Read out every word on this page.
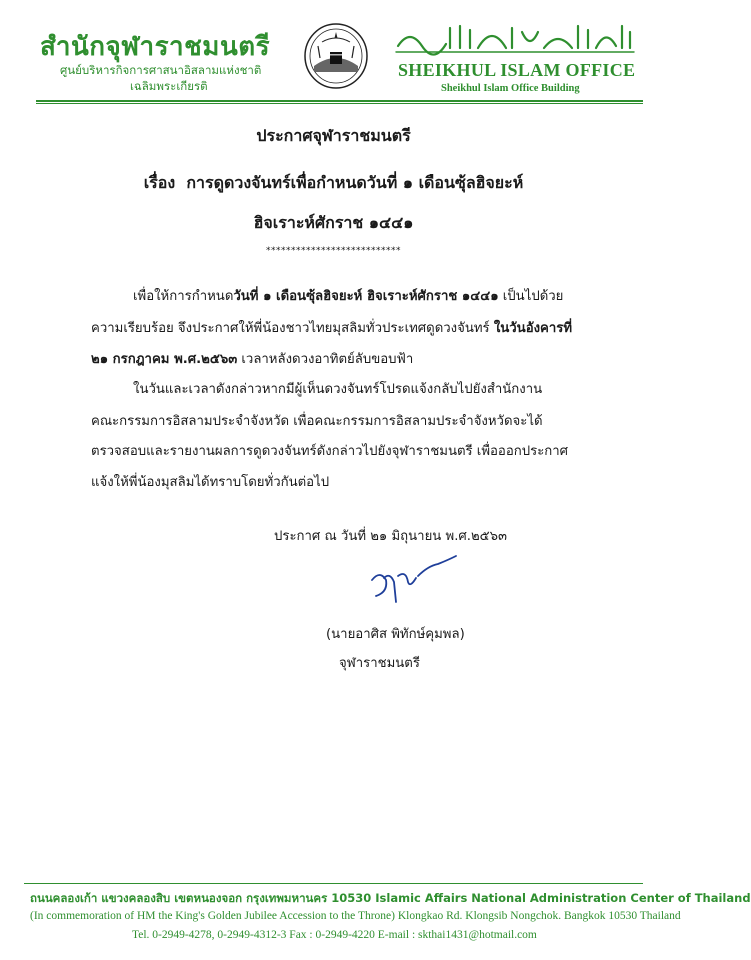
สำนักจุฬาราชมนตรี
ศูนย์บริหารกิจการศาสนาอิสลามแห่งชาติ
เฉลิมพระเกียรติ
SHEIKHUL ISLAM OFFICE
Sheikhul Islam Office Building
ประกาศจุฬาราชมนตรี
เรื่อง การดูดวงจันทร์เพื่อกำหนดวันที่ ๑ เดือนซุ้ลฮิจยะห์
ฮิจเราะห์ศักราช ๑๔๔๑
***************************
เพื่อให้การกำหนดวันที่ ๑ เดือนซุ้ลฮิจยะห์ ฮิจเราะห์ศักราช ๑๔๔๑ เป็นไปด้วย
ความเรียบร้อย จึงประกาศให้พี่น้องชาวไทยมุสลิมทั่วประเทศดูดวงจันทร์ ในวันอังคารที่
๒๑ กรกฎาคม พ.ศ.๒๕๖๓ เวลาหลังดวงอาทิตย์ลับขอบฟ้า
ในวันและเวลาดังกล่าวหากมีผู้เห็นดวงจันทร์โปรดแจ้งกลับไปยังสำนักงาน
คณะกรรมการอิสลามประจำจังหวัด เพื่อคณะกรรมการอิสลามประจำจังหวัดจะได้
ตรวจสอบและรายงานผลการดูดวงจันทร์ดังกล่าวไปยังจุฬาราชมนตรี เพื่อออกประกาศ
แจ้งให้พี่น้องมุสลิมได้ทราบโดยทั่วกันต่อไป
ประกาศ ณ วันที่ ๒๑ มิถุนายน พ.ศ.๒๕๖๓
(นายอาศิส พิทักษ์คุมพล)
จุฬาราชมนตรี
ถนนคลองเก้า แขวงคลองสิบ เขตหนองจอก กรุงเทพมหานคร 10530 Islamic Affairs National Administration Center of Thailand
(In commemoration of HM the King's Golden Jubilee Accession to the Throne) Klongkao Rd. Klongsib Nongchok. Bangkok 10530 Thailand
Tel. 0-2949-4278, 0-2949-4312-3 Fax : 0-2949-4220 E-mail : skthai1431@hotmail.com
